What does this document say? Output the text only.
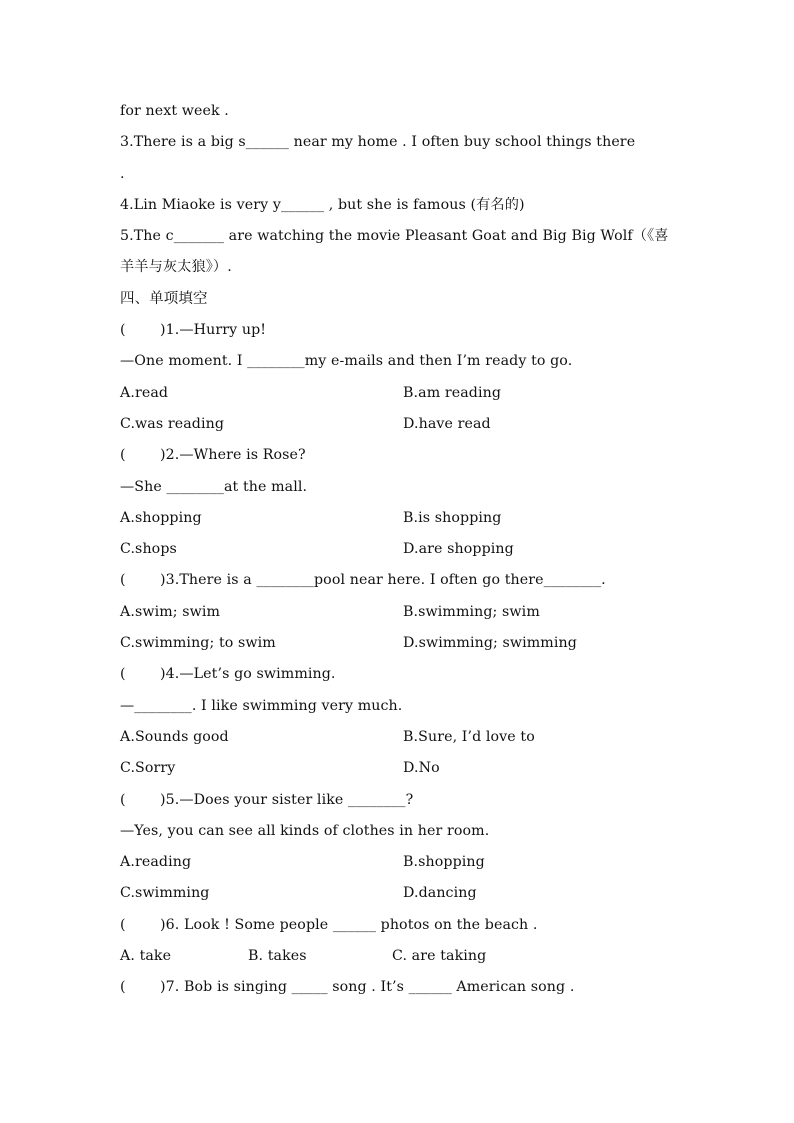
for next week .
3.There is a big s______ near my home . I often buy school things there
.
4.Lin Miaoke is very y______ , but she is famous (有名的)
5.The c_______ are watching the movie Pleasant Goat and Big Big Wolf（《喜
羊羊与灰太狼》）.
四、单项填空
( )1.—Hurry up!
—One moment. I ________my e-mails and then I’m ready to go.
A.read	B.am reading
C.was reading	D.have read
( )2.—Where is Rose?
—She ________at the mall.
A.shopping	B.is shopping
C.shops	D.are shopping
( )3.There is a ________pool near here. I often go there________.
A.swim; swim	B.swimming; swim
C.swimming; to swim	D.swimming; swimming
( )4.—Let’s go swimming.
—________. I like swimming very much.
A.Sounds good	B.Sure, I’d love to
C.Sorry	D.No
( )5.—Does your sister like ________?
—Yes, you can see all kinds of clothes in her room.
A.reading	B.shopping
C.swimming	D.dancing
( )6. Look ! Some people ______ photos on the beach .
A. take	B. takes	C. are taking
( )7. Bob is singing _____ song . It’s ______ American song .
